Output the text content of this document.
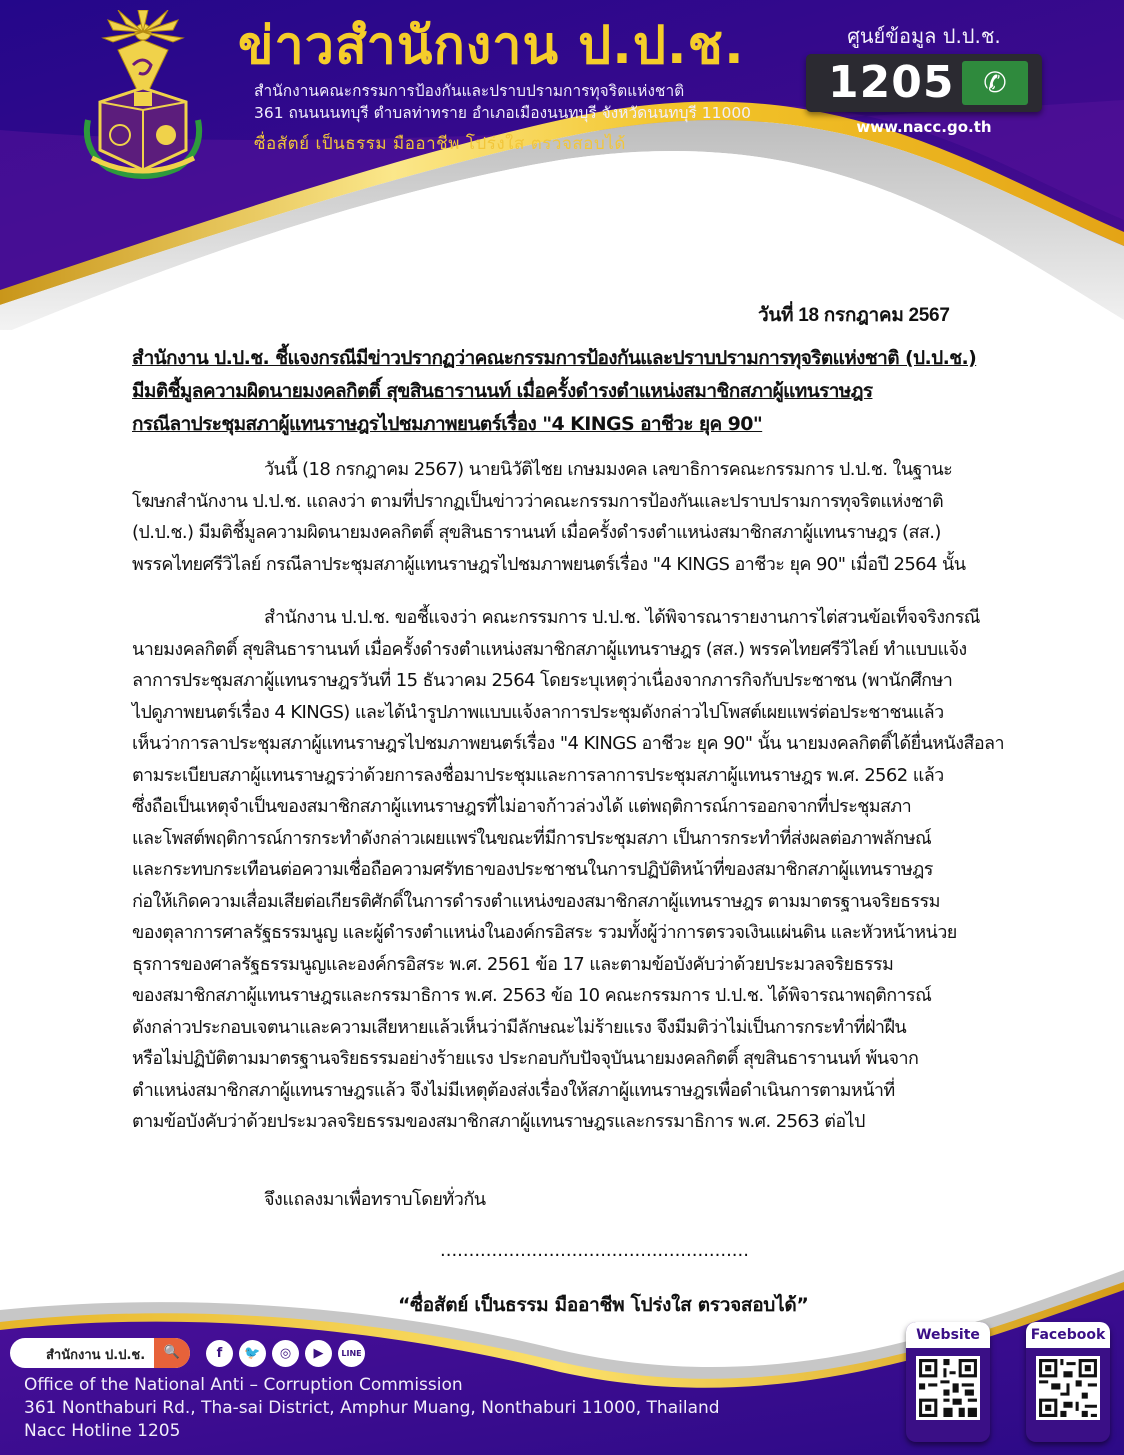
ข่าวสำนักงาน ป.ป.ช.
สำนักงานคณะกรรมการป้องกันและปราบปรามการทุจริตแห่งชาติ
361 ถนนนนทบุรี ตำบลท่าทราย อำเภอเมืองนนทบุรี จังหวัดนนทบุรี 11000
ซื่อสัตย์ เป็นธรรม มืออาชีพ โปร่งใส ตรวจสอบได้
ศูนย์ข้อมูล ป.ป.ช.
1205	✆
www.nacc.go.th
วันที่ 18 กรกฎาคม 2567
สำนักงาน ป.ป.ช. ชี้แจงกรณีมีข่าวปรากฏว่าคณะกรรมการป้องกันและปราบปรามการทุจริตแห่งชาติ (ป.ป.ช.)
มีมติชี้มูลความผิดนายมงคลกิตติ์ สุขสินธารานนท์ เมื่อครั้งดำรงตำแหน่งสมาชิกสภาผู้แทนราษฎร
กรณีลาประชุมสภาผู้แทนราษฎรไปชมภาพยนตร์เรื่อง "4 KINGS อาชีวะ ยุค 90"
วันนี้ (18 กรกฎาคม 2567) นายนิวัติไชย เกษมมงคล เลขาธิการคณะกรรมการ ป.ป.ช. ในฐานะ
โฆษกสำนักงาน ป.ป.ช. แถลงว่า ตามที่ปรากฏเป็นข่าวว่าคณะกรรมการป้องกันและปราบปรามการทุจริตแห่งชาติ
(ป.ป.ช.) มีมติชี้มูลความผิดนายมงคลกิตติ์ สุขสินธารานนท์ เมื่อครั้งดำรงตำแหน่งสมาชิกสภาผู้แทนราษฎร (สส.)
พรรคไทยศรีวิไลย์ กรณีลาประชุมสภาผู้แทนราษฎรไปชมภาพยนตร์เรื่อง "4 KINGS อาชีวะ ยุค 90" เมื่อปี 2564 นั้น
สำนักงาน ป.ป.ช. ขอชี้แจงว่า คณะกรรมการ ป.ป.ช. ได้พิจารณารายงานการไต่สวนข้อเท็จจริงกรณี
นายมงคลกิตติ์ สุขสินธารานนท์ เมื่อครั้งดำรงตำแหน่งสมาชิกสภาผู้แทนราษฎร (สส.) พรรคไทยศรีวิไลย์ ทำแบบแจ้ง
ลาการประชุมสภาผู้แทนราษฎรวันที่ 15 ธันวาคม 2564 โดยระบุเหตุว่าเนื่องจากภารกิจกับประชาชน (พานักศึกษา
ไปดูภาพยนตร์เรื่อง 4 KINGS) และได้นำรูปภาพแบบแจ้งลาการประชุมดังกล่าวไปโพสต์เผยแพร่ต่อประชาชนแล้ว
เห็นว่าการลาประชุมสภาผู้แทนราษฎรไปชมภาพยนตร์เรื่อง "4 KINGS อาชีวะ ยุค 90" นั้น นายมงคลกิตติ์ได้ยื่นหนังสือลา
ตามระเบียบสภาผู้แทนราษฎรว่าด้วยการลงชื่อมาประชุมและการลาการประชุมสภาผู้แทนราษฎร พ.ศ. 2562 แล้ว
ซึ่งถือเป็นเหตุจำเป็นของสมาชิกสภาผู้แทนราษฎรที่ไม่อาจก้าวล่วงได้ แต่พฤติการณ์การออกจากที่ประชุมสภา
และโพสต์พฤติการณ์การกระทำดังกล่าวเผยแพร่ในขณะที่มีการประชุมสภา เป็นการกระทำที่ส่งผลต่อภาพลักษณ์
และกระทบกระเทือนต่อความเชื่อถือความศรัทธาของประชาชนในการปฏิบัติหน้าที่ของสมาชิกสภาผู้แทนราษฎร
ก่อให้เกิดความเสื่อมเสียต่อเกียรติศักดิ์ในการดำรงตำแหน่งของสมาชิกสภาผู้แทนราษฎร ตามมาตรฐานจริยธรรม
ของตุลาการศาลรัฐธรรมนูญ และผู้ดำรงตำแหน่งในองค์กรอิสระ รวมทั้งผู้ว่าการตรวจเงินแผ่นดิน และหัวหน้าหน่วย
ธุรการของศาลรัฐธรรมนูญและองค์กรอิสระ พ.ศ. 2561 ข้อ 17 และตามข้อบังคับว่าด้วยประมวลจริยธรรม
ของสมาชิกสภาผู้แทนราษฎรและกรรมาธิการ พ.ศ. 2563 ข้อ 10 คณะกรรมการ ป.ป.ช. ได้พิจารณาพฤติการณ์
ดังกล่าวประกอบเจตนาและความเสียหายแล้วเห็นว่ามีลักษณะไม่ร้ายแรง จึงมีมติว่าไม่เป็นการกระทำที่ฝ่าฝืน
หรือไม่ปฏิบัติตามมาตรฐานจริยธรรมอย่างร้ายแรง ประกอบกับปัจจุบันนายมงคลกิตติ์ สุขสินธารานนท์ พ้นจาก
ตำแหน่งสมาชิกสภาผู้แทนราษฎรแล้ว จึงไม่มีเหตุต้องส่งเรื่องให้สภาผู้แทนราษฎรเพื่อดำเนินการตามหน้าที่
ตามข้อบังคับว่าด้วยประมวลจริยธรรมของสมาชิกสภาผู้แทนราษฎรและกรรมาธิการ พ.ศ. 2563 ต่อไป
จึงแถลงมาเพื่อทราบโดยทั่วกัน
......................................................
สำนักงาน ป.ป.ช.	🔍	f	🐦	◎	▶	LINE
Office of the National Anti – Corruption Commission
361 Nonthaburi Rd., Tha-sai District, Amphur Muang, Nonthaburi 11000, Thailand
Nacc Hotline 1205
Website	Facebook
“ซื่อสัตย์ เป็นธรรม มืออาชีพ โปร่งใส ตรวจสอบได้”
